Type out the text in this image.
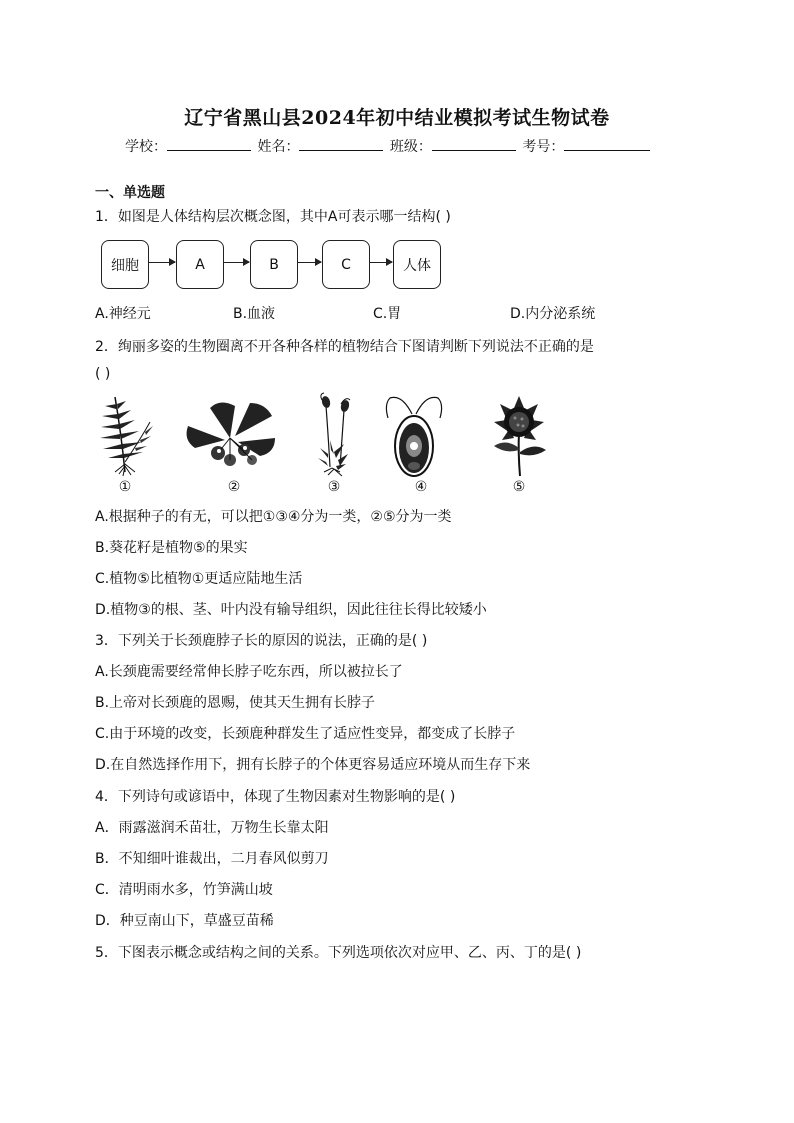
辽宁省黑山县2024年初中结业模拟考试生物试卷
学校：	姓名：	班级：	考号：
一、单选题
1．如图是人体结构层次概念图，其中A可表示哪一结构( )
细胞	A	B	C	人体
A.神经元	B.血液	C.胃	D.内分泌系统
2．绚丽多姿的生物圈离不开各种各样的植物结合下图请判断下列说法不正确的是
( )
①	②	③	④	⑤
A.根据种子的有无，可以把①③④分为一类，②⑤分为一类
B.葵花籽是植物⑤的果实
C.植物⑤比植物①更适应陆地生活
D.植物③的根、茎、叶内没有输导组织，因此往往长得比较矮小
3．下列关于长颈鹿脖子长的原因的说法，正确的是( )
A.长颈鹿需要经常伸长脖子吃东西，所以被拉长了
B.上帝对长颈鹿的恩赐，使其天生拥有长脖子
C.由于环境的改变，长颈鹿种群发生了适应性变异，都变成了长脖子
D.在自然选择作用下，拥有长脖子的个体更容易适应环境从而生存下来
4．下列诗句或谚语中，体现了生物因素对生物影响的是( )
A．雨露滋润禾苗壮，万物生长靠太阳
B．不知细叶谁裁出，二月春风似剪刀
C．清明雨水多，竹笋满山坡
D．种豆南山下，草盛豆苗稀
5．下图表示概念或结构之间的关系。下列选项依次对应甲、乙、丙、丁的是( )
